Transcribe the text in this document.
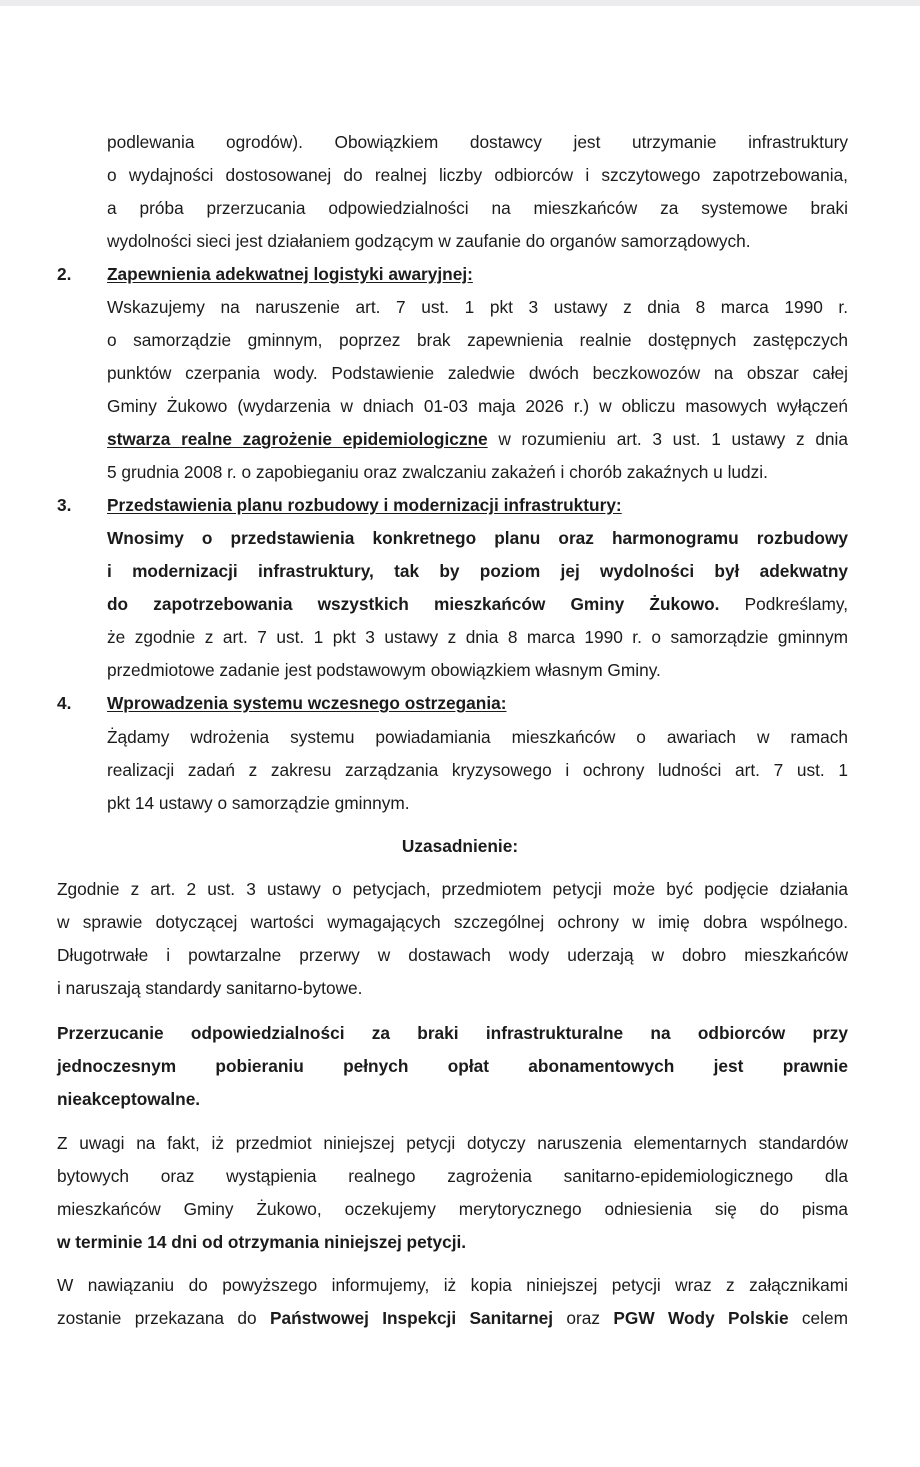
podlewania ogrodów). Obowiązkiem dostawcy jest utrzymanie infrastruktury
o wydajności dostosowanej do realnej liczby odbiorców i szczytowego zapotrzebowania,
a próba przerzucania odpowiedzialności na mieszkańców za systemowe braki
wydolności sieci jest działaniem godzącym w zaufanie do organów samorządowych.
2. Zapewnienia adekwatnej logistyki awaryjnej:
Wskazujemy na naruszenie art. 7 ust. 1 pkt 3 ustawy z dnia 8 marca 1990 r.
o samorządzie gminnym, poprzez brak zapewnienia realnie dostępnych zastępczych
punktów czerpania wody. Podstawienie zaledwie dwóch beczkowozów na obszar całej
Gminy Żukowo (wydarzenia w dniach 01-03 maja 2026 r.) w obliczu masowych wyłączeń
stwarza realne zagrożenie epidemiologiczne w rozumieniu art. 3 ust. 1 ustawy z dnia
5 grudnia 2008 r. o zapobieganiu oraz zwalczaniu zakażeń i chorób zakaźnych u ludzi.
3. Przedstawienia planu rozbudowy i modernizacji infrastruktury:
Wnosimy o przedstawienia konkretnego planu oraz harmonogramu rozbudowy
i modernizacji infrastruktury, tak by poziom jej wydolności był adekwatny
do zapotrzebowania wszystkich mieszkańców Gminy Żukowo. Podkreślamy,
że zgodnie z art. 7 ust. 1 pkt 3 ustawy z dnia 8 marca 1990 r. o samorządzie gminnym
przedmiotowe zadanie jest podstawowym obowiązkiem własnym Gminy.
4. Wprowadzenia systemu wczesnego ostrzegania:
Żądamy wdrożenia systemu powiadamiania mieszkańców o awariach w ramach
realizacji zadań z zakresu zarządzania kryzysowego i ochrony ludności art. 7 ust. 1
pkt 14 ustawy o samorządzie gminnym.
Uzasadnienie:
Zgodnie z art. 2 ust. 3 ustawy o petycjach, przedmiotem petycji może być podjęcie działania
w sprawie dotyczącej wartości wymagających szczególnej ochrony w imię dobra wspólnego.
Długotrwałe i powtarzalne przerwy w dostawach wody uderzają w dobro mieszkańców
i naruszają standardy sanitarno-bytowe.
Przerzucanie odpowiedzialności za braki infrastrukturalne na odbiorców przy
jednoczesnym pobieraniu pełnych opłat abonamentowych jest prawnie
nieakceptowalne.
Z uwagi na fakt, iż przedmiot niniejszej petycji dotyczy naruszenia elementarnych standardów
bytowych oraz wystąpienia realnego zagrożenia sanitarno-epidemiologicznego dla
mieszkańców Gminy Żukowo, oczekujemy merytorycznego odniesienia się do pisma
w terminie 14 dni od otrzymania niniejszej petycji.
W nawiązaniu do powyższego informujemy, iż kopia niniejszej petycji wraz z załącznikami
zostanie przekazana do Państwowej Inspekcji Sanitarnej oraz PGW Wody Polskie celem
